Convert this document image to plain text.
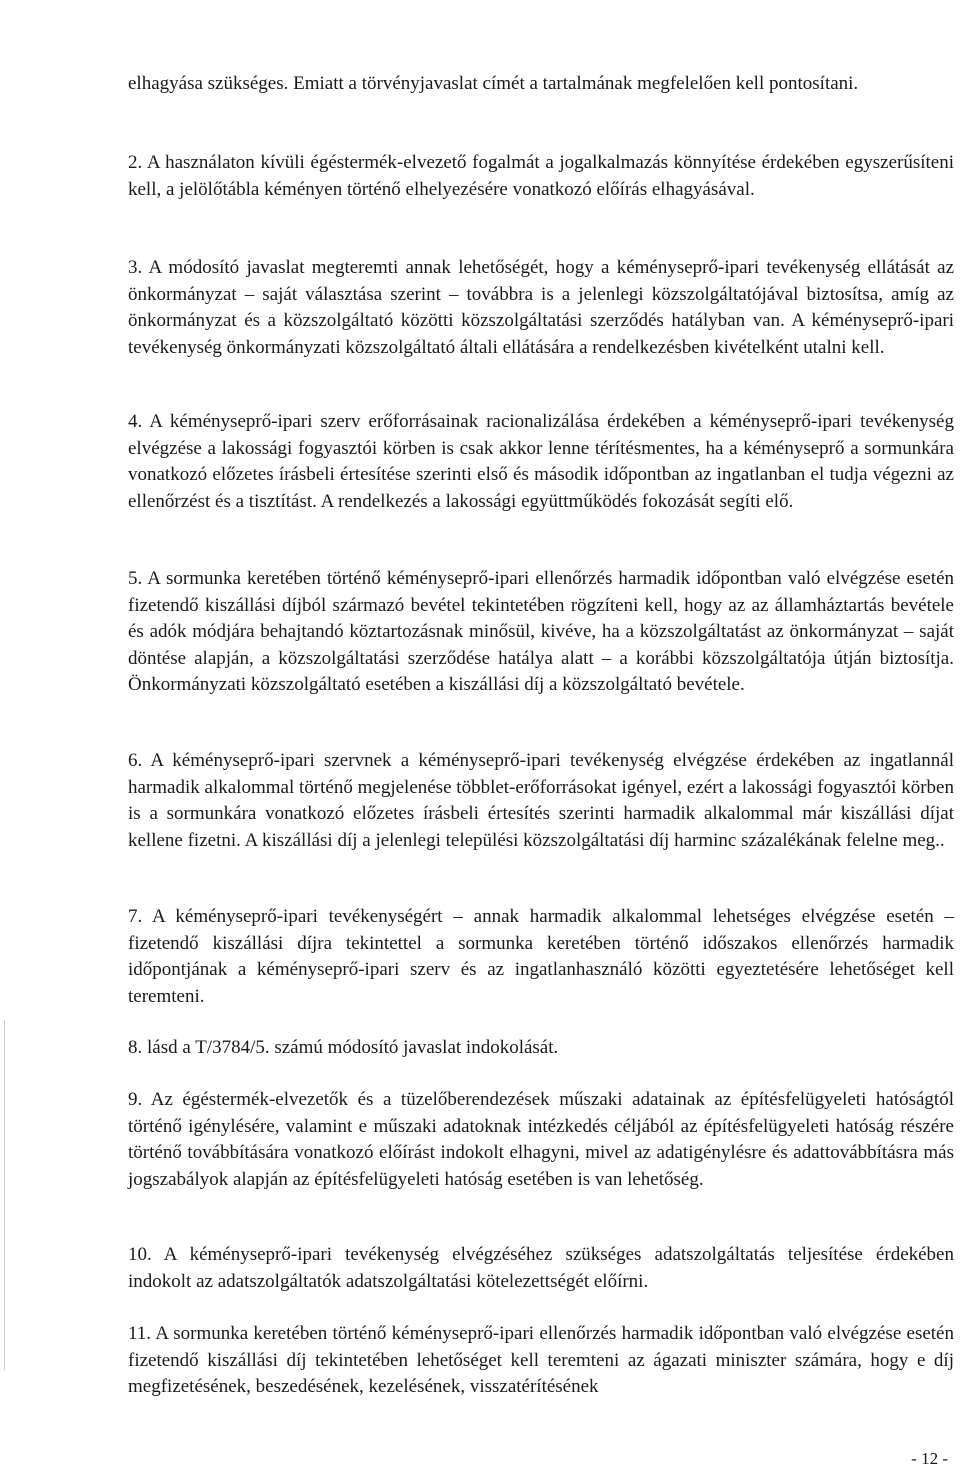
elhagyása szükséges. Emiatt a törvényjavaslat címét a tartalmának megfelelően kell pontosítani.

2. A használaton kívüli égéstermék-elvezető fogalmát a jogalkalmazás könnyítése érdekében egyszerűsíteni kell, a jelölőtábla kéményen történő elhelyezésére vonatkozó előírás elhagyásával.

3. A módosító javaslat megteremti annak lehetőségét, hogy a kéményseprő-ipari tevékenység ellátását az önkormányzat – saját választása szerint – továbbra is a jelenlegi közszolgáltatójával biztosítsa, amíg az önkormányzat és a közszolgáltató közötti közszolgáltatási szerződés hatályban van. A kéményseprő-ipari tevékenység önkormányzati közszolgáltató általi ellátására a rendelkezésben kivételként utalni kell.

4. A kéményseprő-ipari szerv erőforrásainak racionalizálása érdekében a kéményseprő-ipari tevékenység elvégzése a lakossági fogyasztói körben is csak akkor lenne térítésmentes, ha a kéményseprő a sormunkára vonatkozó előzetes írásbeli értesítése szerinti első és második időpontban az ingatlanban el tudja végezni az ellenőrzést és a tisztítást. A rendelkezés a lakossági együttműködés fokozását segíti elő.

5. A sormunka keretében történő kéményseprő-ipari ellenőrzés harmadik időpontban való elvégzése esetén fizetendő kiszállási díjból származó bevétel tekintetében rögzíteni kell, hogy az az államháztartás bevétele és adók módjára behajtandó köztartozásnak minősül, kivéve, ha a közszolgáltatást az önkormányzat – saját döntése alapján, a közszolgáltatási szerződése hatálya alatt – a korábbi közszolgáltatója útján biztosítja. Önkormányzati közszolgáltató esetében a kiszállási díj a közszolgáltató bevétele.

6. A kéményseprő-ipari szervnek a kéményseprő-ipari tevékenység elvégzése érdekében az ingatlannál harmadik alkalommal történő megjelenése többlet-erőforrásokat igényel, ezért a lakossági fogyasztói körben is a sormunkára vonatkozó előzetes írásbeli értesítés szerinti harmadik alkalommal már kiszállási díjat kellene fizetni. A kiszállási díj a jelenlegi települési közszolgáltatási díj harminc százalékának felelne meg..

7. A kéményseprő-ipari tevékenységért – annak harmadik alkalommal lehetséges elvégzése esetén – fizetendő kiszállási díjra tekintettel a sormunka keretében történő időszakos ellenőrzés harmadik időpontjának a kéményseprő-ipari szerv és az ingatlanhasználó közötti egyeztetésére lehetőséget kell teremteni.

8. lásd a T/3784/5. számú módosító javaslat indokolását.

9. Az égéstermék-elvezetők és a tüzelőberendezések műszaki adatainak az építésfelügyeleti hatóságtól történő igénylésére, valamint e műszaki adatoknak intézkedés céljából az építésfelügyeleti hatóság részére történő továbbítására vonatkozó előírást indokolt elhagyni, mivel az adatigénylésre és adattovábbításra más jogszabályok alapján az építésfelügyeleti hatóság esetében is van lehetőség.

10. A kéményseprő-ipari tevékenység elvégzéséhez szükséges adatszolgáltatás teljesítése érdekében indokolt az adatszolgáltatók adatszolgáltatási kötelezettségét előírni.

11. A sormunka keretében történő kéményseprő-ipari ellenőrzés harmadik időpontban való elvégzése esetén fizetendő kiszállási díj tekintetében lehetőséget kell teremteni az ágazati miniszter számára, hogy e díj megfizetésének, beszedésének, kezelésének, visszatérítésének

- 12 -
